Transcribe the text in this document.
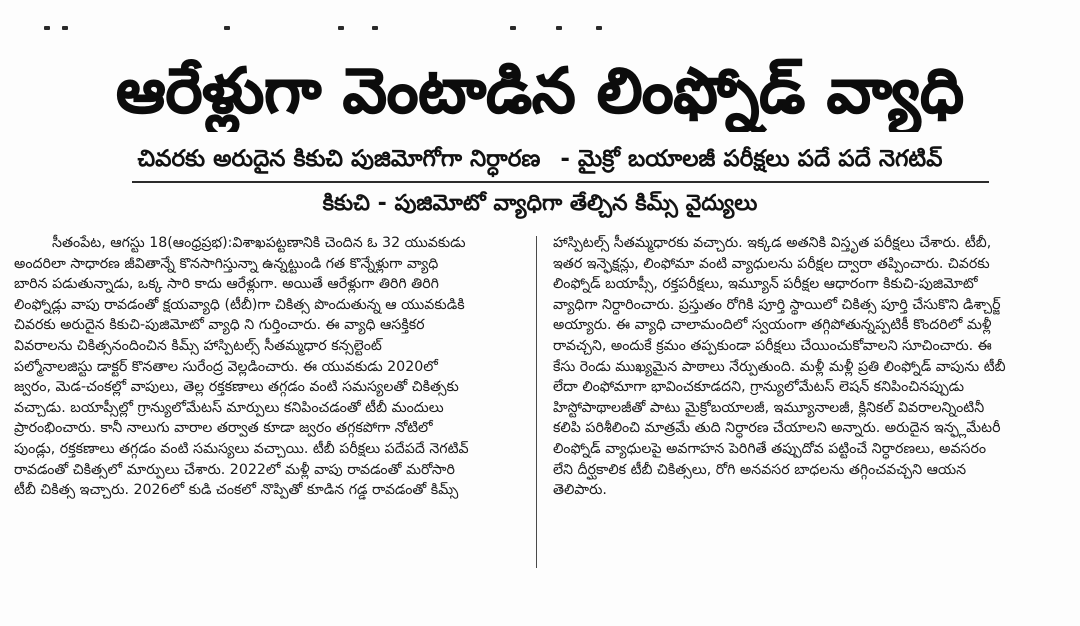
ఆరేళ్లుగా వెంటాడిన లింఫ్నోడ్ వ్యాధి
చివరకు అరుదైన కికుచి పుజిమోగోగా నిర్ధారణ - మైక్రో బయాలజీ పరీక్షలు పదే పదే నెగటివ్
కికుచి - పుజిమోటో వ్యాధిగా తేల్చిన కిమ్స్ వైద్యులు
సీతంపేట, ఆగస్టు 18(ఆంధ్రప్రభ):విశాఖపట్టణానికి చెందిన ఓ 32 యువకుడు
అందరిలా సాధారణ జీవితాన్నే కొనసాగిస్తున్నా ఉన్నట్టుండి గత కొన్నేళ్లుగా వ్యాధి
బారిన పడుతున్నాడు, ఒక్క సారి కాదు ఆరేళ్లుగా. అయితే ఆరేళ్లుగా తిరిగి తిరిగి
లింఫ్నోడ్లు వాపు రావడంతో క్షయవ్యాధి (టీబీ)గా చికిత్స పొందుతున్న ఆ యువకుడికి
చివరకు అరుదైన కికుచి-పుజిమోటో వ్యాధి ని గుర్తించారు. ఈ వ్యాధి ఆసక్తికర
వివరాలను చికిత్సనందించిన కిమ్స్ హాస్పిటల్స్ సీతమ్మధార కన్సల్టెంట్
పల్మోనాలజిస్టు డాక్టర్ కొనతాల సురేంద్ర వెల్లడించారు. ఈ యువకుడు 2020లో
జ్వరం, మెడ-చంకల్లో వాపులు, తెల్ల రక్తకణాలు తగ్గడం వంటి సమస్యలతో చికిత్సకు
వచ్చాడు. బయాప్సీల్లో గ్రాన్యులోమేటస్ మార్పులు కనిపించడంతో టీబీ మందులు
ప్రారంభించారు. కానీ నాలుగు వారాల తర్వాత కూడా జ్వరం తగ్గకపోగా నోటిలో
పుండ్లు, రక్తకణాలు తగ్గడం వంటి సమస్యలు వచ్చాయి. టీబీ పరీక్షలు పదేపదే నెగటివ్
రావడంతో చికిత్సలో మార్పులు చేశారు. 2022లో మళ్లీ వాపు రావడంతో మరోసారి
టీబీ చికిత్స ఇచ్చారు. 2026లో కుడి చంకలో నొప్పితో కూడిన గడ్డ రావడంతో కిమ్స్
హాస్పిటల్స్ సీతమ్మధారకు వచ్చారు. ఇక్కడ అతనికి విస్తృత పరీక్షలు చేశారు. టీబీ,
ఇతర ఇన్ఫెక్షన్లు, లింఫోమా వంటి వ్యాధులను పరీక్షల ద్వారా తప్పించారు. చివరకు
లింఫ్నోడ్ బయాప్సీ, రక్తపరీక్షలు, ఇమ్యూన్ పరీక్షల ఆధారంగా కికుచి-పుజిమోటో
వ్యాధిగా నిర్ధారించారు. ప్రస్తుతం రోగికి పూర్తి స్థాయిలో చికిత్స పూర్తి చేసుకొని డిశ్చార్జ్
అయ్యారు. ఈ వ్యాధి చాలామందిలో స్వయంగా తగ్గిపోతున్నప్పటికీ కొందరిలో మళ్లీ
రావచ్చని, అందుకే క్రమం తప్పకుండా పరీక్షలు చేయించుకోవాలని సూచించారు. ఈ
కేసు రెండు ముఖ్యమైన పాఠాలు నేర్పుతుంది. మళ్లీ మళ్లీ ప్రతి లింఫ్నోడ్ వాపును టీబీ
లేదా లింఫోమాగా భావించకూడదని, గ్రాన్యులోమేటస్ లెషన్ కనిపించినప్పుడు
హిస్టోపాథాలజీతో పాటు మైక్రోబయాలజీ, ఇమ్యూనాలజీ, క్లినికల్ వివరాలన్నింటినీ
కలిపి పరిశీలించి మాత్రమే తుది నిర్ధారణ చేయాలని అన్నారు. అరుదైన ఇన్ఫ్లమేటరీ
లింఫ్నోడ్ వ్యాధులపై అవగాహన పెరిగితే తప్పుదోవ పట్టించే నిర్ధారణలు, అవసరం
లేని దీర్ఘకాలిక టీబీ చికిత్సలు, రోగి అనవసర బాధలను తగ్గించవచ్చని ఆయన
తెలిపారు.
